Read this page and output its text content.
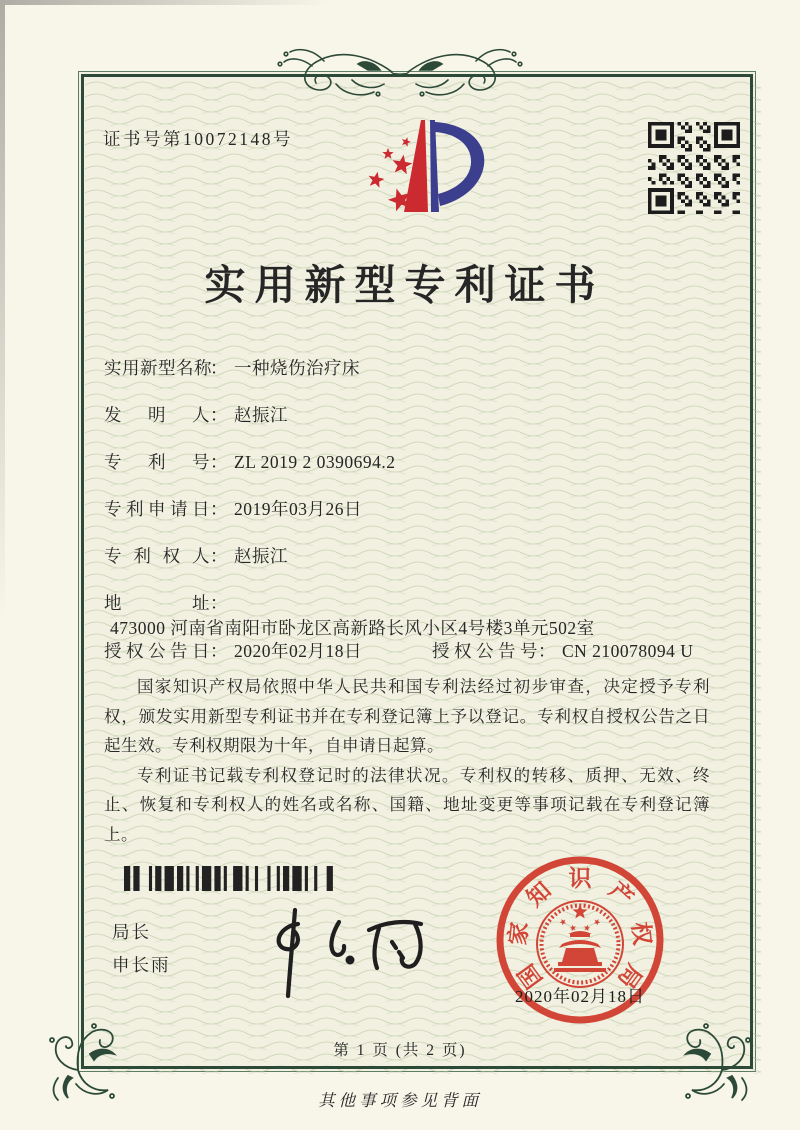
证书号第10072148号
实用新型专利证书
实用新型名称： 一种烧伤治疗床
发明人： 赵振江
专利号： ZL 2019 2 0390694.2
专利申请日： 2019年03月26日
专利权人： 赵振江
地址：473000 河南省南阳市卧龙区高新路长风小区4号楼3单元502室
授权公告日： 2020年02月18日	授权公告号： CN 210078094 U

国家知识产权局依照中华人民共和国专利法经过初步审查，决定授予专利权，颁发实用新型专利证书并在专利登记簿上予以登记。专利权自授权公告之日起生效。专利权期限为十年，自申请日起算。

专利证书记载专利权登记时的法律状况。专利权的转移、质押、无效、终止、恢复和专利权人的姓名或名称、国籍、地址变更等事项记载在专利登记簿上。

局长
申长雨	国
家
知 识 产
权
局
2020年02月18日
第 1 页 (共 2 页)
其他事项参见背面
